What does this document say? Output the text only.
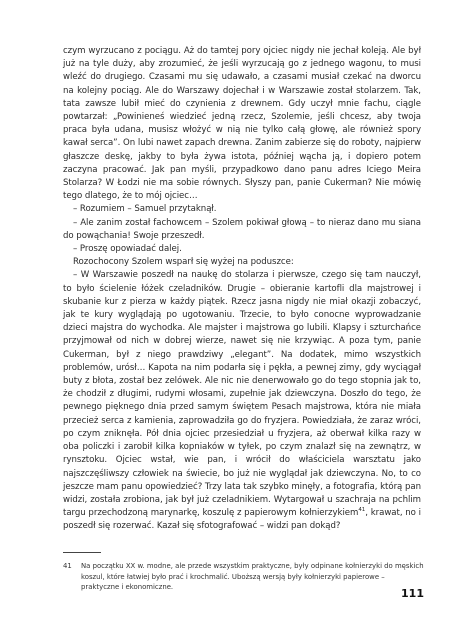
czym wyrzucano z pociągu. Aż do tamtej pory ojciec nigdy nie jechał koleją. Ale był już na tyle duży, aby zrozumieć, że jeśli wyrzucają go z jednego wagonu, to musi wleźć do drugiego. Czasami mu się udawało, a czasami musiał czekać na dworcu na kolejny pociąg. Ale do Warszawy dojechał i w Warszawie został stolarzem. Tak, tata zawsze lubił mieć do czynienia z drewnem. Gdy uczył mnie fachu, ciągle powtarzał: „Powinieneś wiedzieć jedną rzecz, Szolemie, jeśli chcesz, aby twoja praca była udana, musisz włożyć w nią nie tylko całą głowę, ale również spory kawał serca”. On lubi nawet zapach drewna. Zanim zabierze się do roboty, najpierw głaszcze deskę, jakby to była żywa istota, później wącha ją, i dopiero potem zaczyna pracować. Jak pan myśli, przypadkowo dano panu adres Iciego Meira Stolarza? W Łodzi nie ma sobie równych. Słyszy pan, panie Cukerman? Nie mówię tego dlatego, że to mój ojciec…

– Rozumiem – Samuel przytaknął.

– Ale zanim został fachowcem – Szolem pokiwał głową – to nieraz dano mu siana do powąchania! Swoje przeszedł.

– Proszę opowiadać dalej.

Rozochocony Szolem wsparł się wyżej na poduszce:

– W Warszawie poszedł na naukę do stolarza i pierwsze, czego się tam nauczył, to było ścielenie łóżek czeladników. Drugie – obieranie kartofli dla majstrowej i skubanie kur z pierza w każdy piątek. Rzecz jasna nigdy nie miał okazji zobaczyć, jak te kury wyglądają po ugotowaniu. Trzecie, to było conocne wyprowadzanie dzieci majstra do wychodka. Ale majster i majstrowa go lubili. Klapsy i szturchańce przyjmował od nich w dobrej wierze, nawet się nie krzywiąc. A poza tym, panie Cukerman, był z niego prawdziwy „elegant”. Na dodatek, mimo wszystkich problemów, urósł… Kapota na nim podarła się i pękła, a pewnej zimy, gdy wyciągał buty z błota, został bez zelówek. Ale nic nie denerwowało go do tego stopnia jak to, że chodził z długimi, rudymi włosami, zupełnie jak dziewczyna. Doszło do tego, że pewnego pięknego dnia przed samym świętem Pesach majstrowa, która nie miała przecież serca z kamienia, zaprowadziła go do fryzjera. Powiedziała, że zaraz wróci, po czym zniknęła. Pół dnia ojciec przesiedział u fryzjera, aż oberwał kilka razy w oba policzki i zarobił kilka kopniaków w tyłek, po czym znalazł się na zewnątrz, w rynsztoku. Ojciec wstał, wie pan, i wrócił do właściciela warsztatu jako najszczęśliwszy człowiek na świecie, bo już nie wyglądał jak dziewczyna. No, to co jeszcze mam panu opowiedzieć? Trzy lata tak szybko minęły, a fotografia, którą pan widzi, została zrobiona, jak był już czeladnikiem. Wytargował u szachraja na pchlim targu przechodzoną marynarkę, koszulę z papierowym kołnierzykiem$^{41}$, krawat, no i poszedł się rozerwać. Kazał się sfotografować – widzi pan dokąd?

41	Na początku XX w. modne, ale przede wszystkim praktyczne, były odpinane kołnierzyki do męskich koszul, które łatwiej było prać i krochmalić. Uboższą wersją były kołnierzyki papierowe – praktyczne i ekonomiczne.	111
